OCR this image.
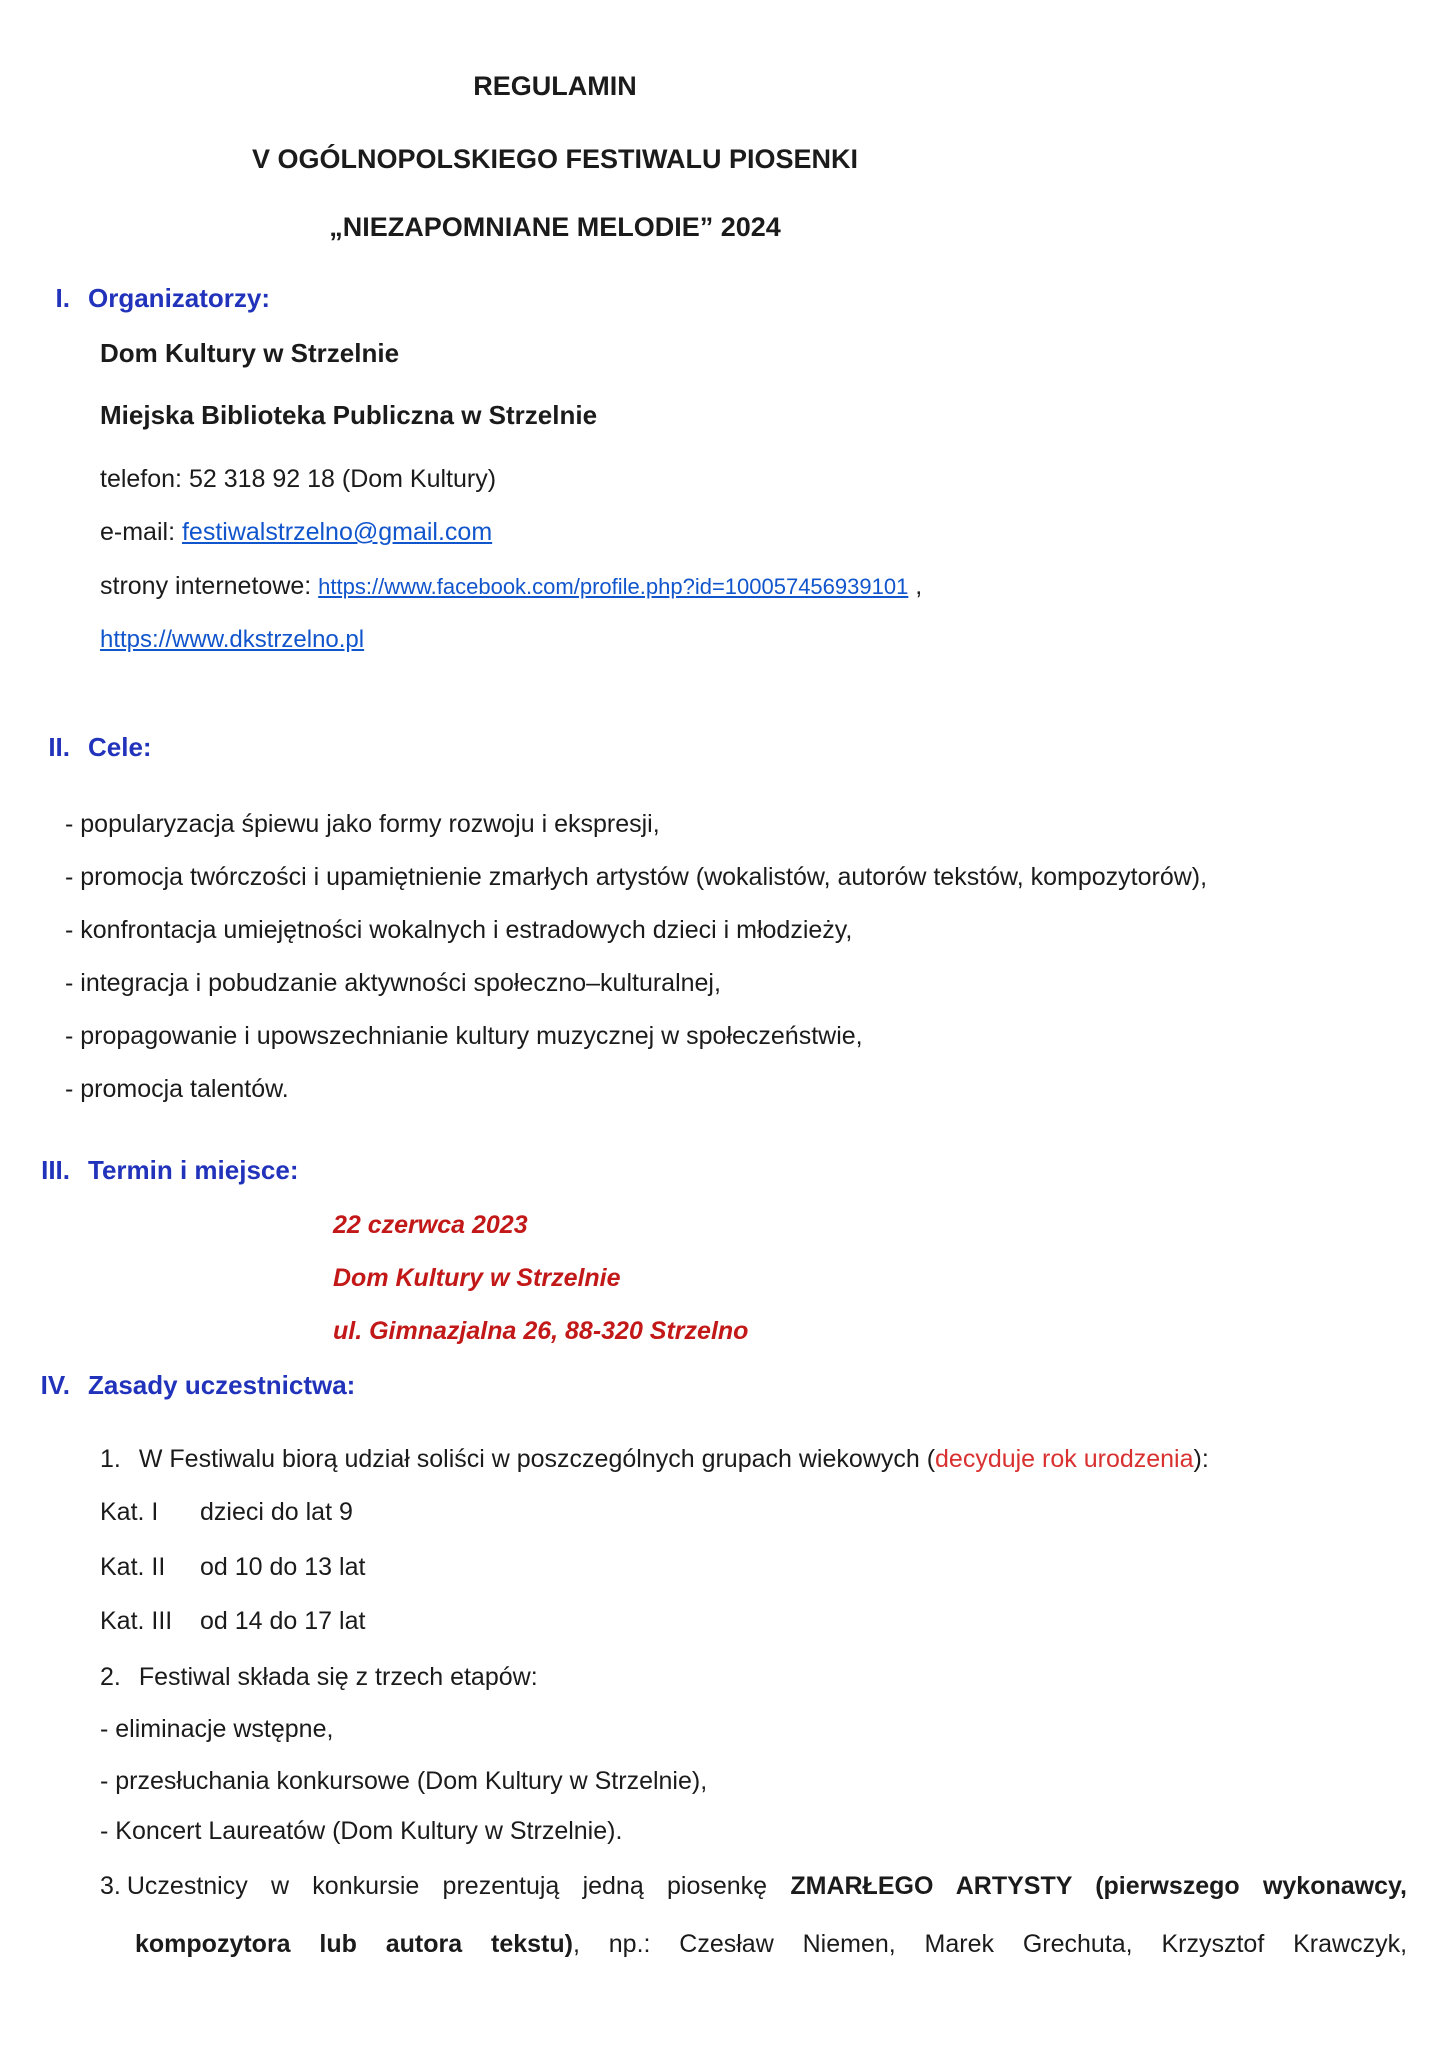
REGULAMIN
V OGÓLNOPOLSKIEGO FESTIWALU PIOSENKI
„NIEZAPOMNIANE MELODIE” 2024
I. Organizatorzy:
Dom Kultury w Strzelnie
Miejska Biblioteka Publiczna w Strzelnie
telefon: 52 318 92 18 (Dom Kultury)
e-mail: festiwalstrzelno@gmail.com
strony internetowe: https://www.facebook.com/profile.php?id=100057456939101 ,
https://www.dkstrzelno.pl
II. Cele:
- popularyzacja śpiewu jako formy rozwoju i ekspresji,
- promocja twórczości i upamiętnienie zmarłych artystów (wokalistów, autorów tekstów, kompozytorów),
- konfrontacja umiejętności wokalnych i estradowych dzieci i młodzieży,
- integracja i pobudzanie aktywności społeczno–kulturalnej,
- propagowanie i upowszechnianie kultury muzycznej w społeczeństwie,
- promocja talentów.
III. Termin i miejsce:
22 czerwca 2023
Dom Kultury w Strzelnie
ul. Gimnazjalna 26, 88-320 Strzelno
IV. Zasady uczestnictwa:
1. W Festiwalu biorą udział soliści w poszczególnych grupach wiekowych (decyduje rok urodzenia):
Kat. I dzieci do lat 9
Kat. II od 10 do 13 lat
Kat. III od 14 do 17 lat
2. Festiwal składa się z trzech etapów:
- eliminacje wstępne,
- przesłuchania konkursowe (Dom Kultury w Strzelnie),
- Koncert Laureatów (Dom Kultury w Strzelnie).
3. Uczestnicy w konkursie prezentują jedną piosenkę ZMARŁEGO ARTYSTY (pierwszego wykonawcy,
kompozytora lub autora tekstu), np.: Czesław Niemen, Marek Grechuta, Krzysztof Krawczyk,
